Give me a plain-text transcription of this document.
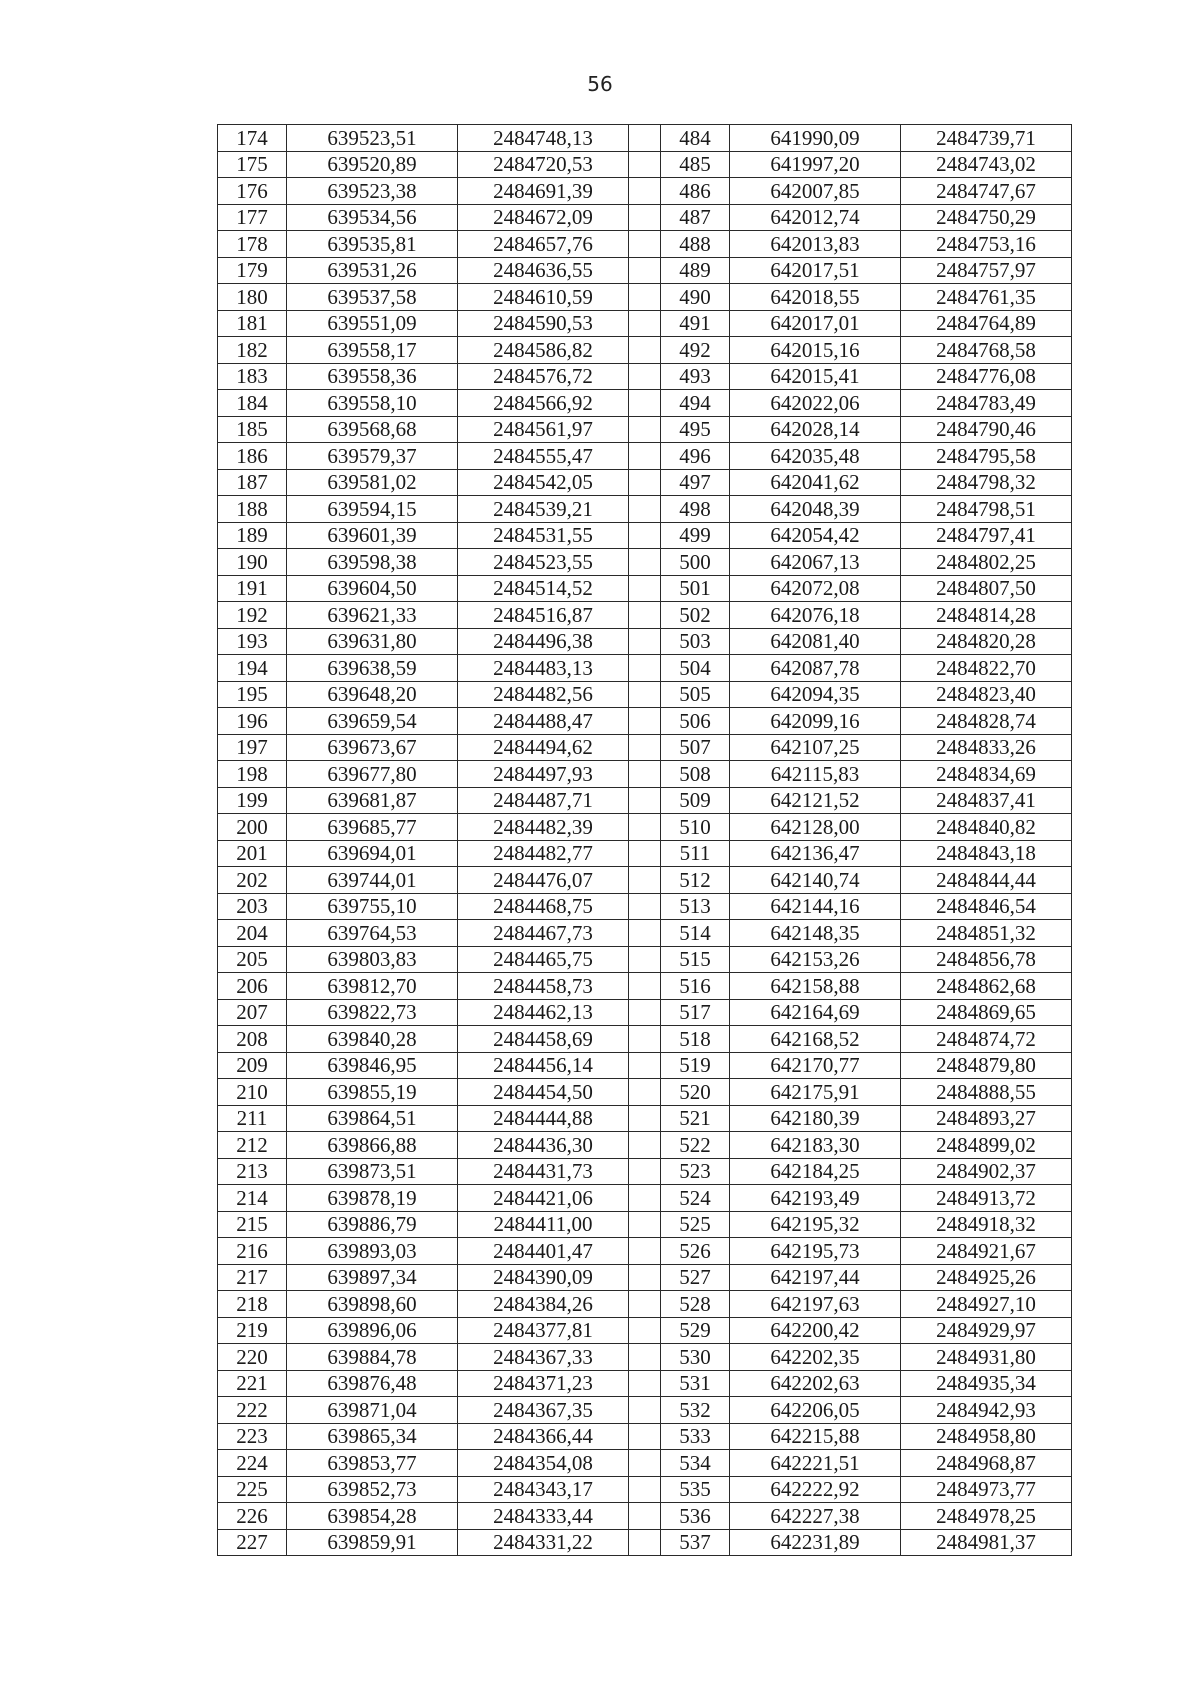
56
174	639523,51	2484748,13		484	641990,09	2484739,71
175	639520,89	2484720,53		485	641997,20	2484743,02
176	639523,38	2484691,39		486	642007,85	2484747,67
177	639534,56	2484672,09		487	642012,74	2484750,29
178	639535,81	2484657,76		488	642013,83	2484753,16
179	639531,26	2484636,55		489	642017,51	2484757,97
180	639537,58	2484610,59		490	642018,55	2484761,35
181	639551,09	2484590,53		491	642017,01	2484764,89
182	639558,17	2484586,82		492	642015,16	2484768,58
183	639558,36	2484576,72		493	642015,41	2484776,08
184	639558,10	2484566,92		494	642022,06	2484783,49
185	639568,68	2484561,97		495	642028,14	2484790,46
186	639579,37	2484555,47		496	642035,48	2484795,58
187	639581,02	2484542,05		497	642041,62	2484798,32
188	639594,15	2484539,21		498	642048,39	2484798,51
189	639601,39	2484531,55		499	642054,42	2484797,41
190	639598,38	2484523,55		500	642067,13	2484802,25
191	639604,50	2484514,52		501	642072,08	2484807,50
192	639621,33	2484516,87		502	642076,18	2484814,28
193	639631,80	2484496,38		503	642081,40	2484820,28
194	639638,59	2484483,13		504	642087,78	2484822,70
195	639648,20	2484482,56		505	642094,35	2484823,40
196	639659,54	2484488,47		506	642099,16	2484828,74
197	639673,67	2484494,62		507	642107,25	2484833,26
198	639677,80	2484497,93		508	642115,83	2484834,69
199	639681,87	2484487,71		509	642121,52	2484837,41
200	639685,77	2484482,39		510	642128,00	2484840,82
201	639694,01	2484482,77		511	642136,47	2484843,18
202	639744,01	2484476,07		512	642140,74	2484844,44
203	639755,10	2484468,75		513	642144,16	2484846,54
204	639764,53	2484467,73		514	642148,35	2484851,32
205	639803,83	2484465,75		515	642153,26	2484856,78
206	639812,70	2484458,73		516	642158,88	2484862,68
207	639822,73	2484462,13		517	642164,69	2484869,65
208	639840,28	2484458,69		518	642168,52	2484874,72
209	639846,95	2484456,14		519	642170,77	2484879,80
210	639855,19	2484454,50		520	642175,91	2484888,55
211	639864,51	2484444,88		521	642180,39	2484893,27
212	639866,88	2484436,30		522	642183,30	2484899,02
213	639873,51	2484431,73		523	642184,25	2484902,37
214	639878,19	2484421,06		524	642193,49	2484913,72
215	639886,79	2484411,00		525	642195,32	2484918,32
216	639893,03	2484401,47		526	642195,73	2484921,67
217	639897,34	2484390,09		527	642197,44	2484925,26
218	639898,60	2484384,26		528	642197,63	2484927,10
219	639896,06	2484377,81		529	642200,42	2484929,97
220	639884,78	2484367,33		530	642202,35	2484931,80
221	639876,48	2484371,23		531	642202,63	2484935,34
222	639871,04	2484367,35		532	642206,05	2484942,93
223	639865,34	2484366,44		533	642215,88	2484958,80
224	639853,77	2484354,08		534	642221,51	2484968,87
225	639852,73	2484343,17		535	642222,92	2484973,77
226	639854,28	2484333,44		536	642227,38	2484978,25
227	639859,91	2484331,22		537	642231,89	2484981,37
